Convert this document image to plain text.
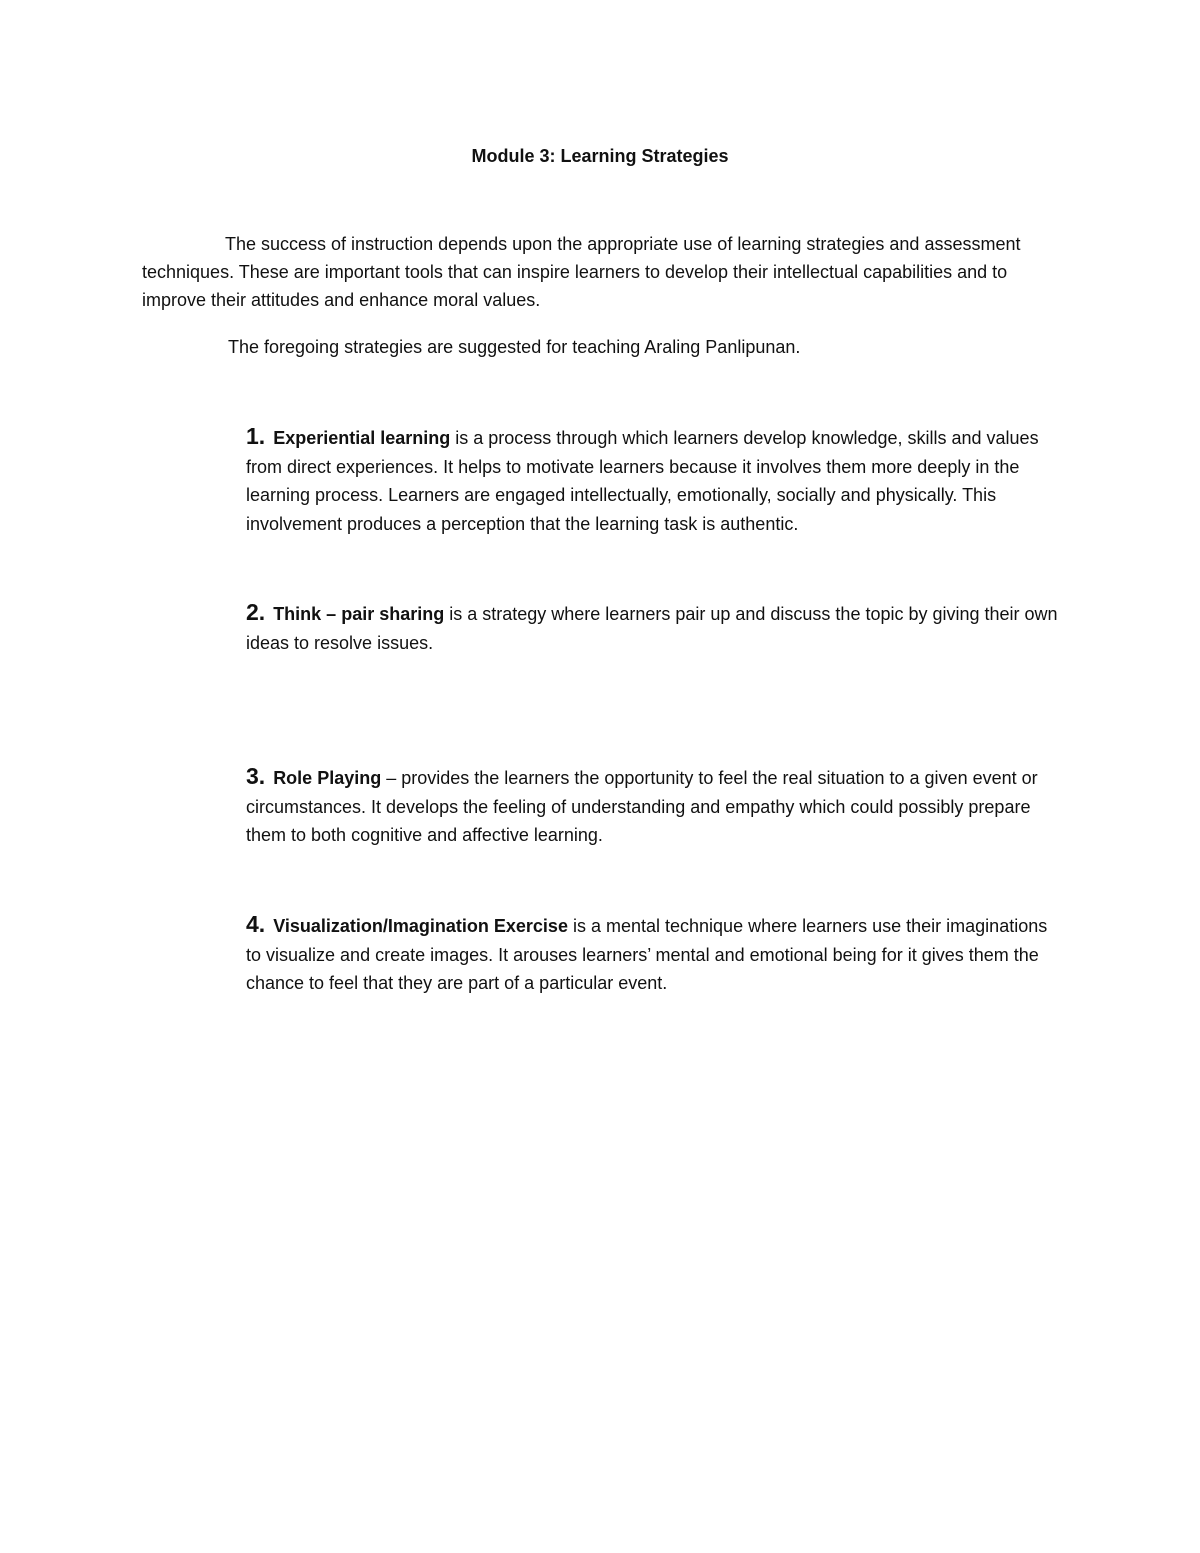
Module 3: Learning Strategies

The success of instruction depends upon the appropriate use of learning strategies and assessment techniques. These are important tools that can inspire learners to develop their intellectual capabilities and to improve their attitudes and enhance moral values.

The foregoing strategies are suggested for teaching Araling Panlipunan.

1. Experiential learning is a process through which learners develop knowledge, skills and values from direct experiences. It helps to motivate learners because it involves them more deeply in the learning process. Learners are engaged intellectually, emotionally, socially and physically. This involvement produces a perception that the learning task is authentic.

2. Think – pair sharing is a strategy where learners pair up and discuss the topic by giving their own ideas to resolve issues.

3. Role Playing – provides the learners the opportunity to feel the real situation to a given event or circumstances. It develops the feeling of understanding and empathy which could possibly prepare them to both cognitive and affective learning.

4. Visualization/Imagination Exercise is a mental technique where learners use their imaginations to visualize and create images. It arouses learners’ mental and emotional being for it gives them the chance to feel that they are part of a particular event.
